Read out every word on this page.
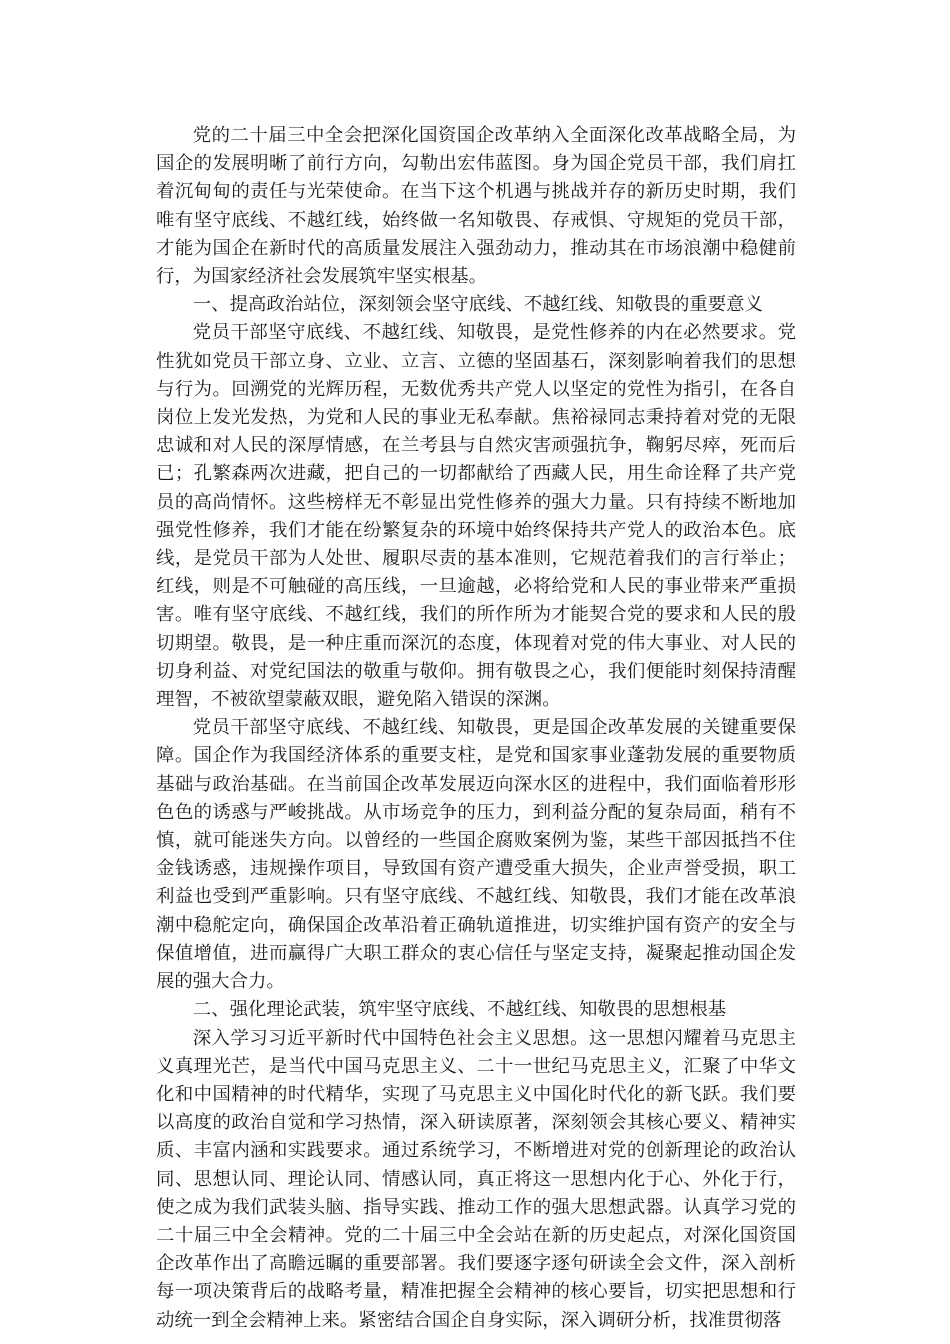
党的二十届三中全会把深化国资国企改革纳入全面深化改革战略全局，为国企的发展明晰了前行方向，勾勒出宏伟蓝图。身为国企党员干部，我们肩扛着沉甸甸的责任与光荣使命。在当下这个机遇与挑战并存的新历史时期，我们唯有坚守底线、不越红线，始终做一名知敬畏、存戒惧、守规矩的党员干部，才能为国企在新时代的高质量发展注入强劲动力，推动其在市场浪潮中稳健前行，为国家经济社会发展筑牢坚实根基。

一、提高政治站位，深刻领会坚守底线、不越红线、知敬畏的重要意义

党员干部坚守底线、不越红线、知敬畏，是党性修养的内在必然要求。党性犹如党员干部立身、立业、立言、立德的坚固基石，深刻影响着我们的思想与行为。回溯党的光辉历程，无数优秀共产党人以坚定的党性为指引，在各自岗位上发光发热，为党和人民的事业无私奉献。焦裕禄同志秉持着对党的无限忠诚和对人民的深厚情感，在兰考县与自然灾害顽强抗争，鞠躬尽瘁，死而后已；孔繁森两次进藏，把自己的一切都献给了西藏人民，用生命诠释了共产党员的高尚情怀。这些榜样无不彰显出党性修养的强大力量。只有持续不断地加强党性修养，我们才能在纷繁复杂的环境中始终保持共产党人的政治本色。底线，是党员干部为人处世、履职尽责的基本准则，它规范着我们的言行举止；红线，则是不可触碰的高压线，一旦逾越，必将给党和人民的事业带来严重损害。唯有坚守底线、不越红线，我们的所作所为才能契合党的要求和人民的殷切期望。敬畏，是一种庄重而深沉的态度，体现着对党的伟大事业、对人民的切身利益、对党纪国法的敬重与敬仰。拥有敬畏之心，我们便能时刻保持清醒理智，不被欲望蒙蔽双眼，避免陷入错误的深渊。

党员干部坚守底线、不越红线、知敬畏，更是国企改革发展的关键重要保障。国企作为我国经济体系的重要支柱，是党和国家事业蓬勃发展的重要物质基础与政治基础。在当前国企改革发展迈向深水区的进程中，我们面临着形形色色的诱惑与严峻挑战。从市场竞争的压力，到利益分配的复杂局面，稍有不慎，就可能迷失方向。以曾经的一些国企腐败案例为鉴，某些干部因抵挡不住金钱诱惑，违规操作项目，导致国有资产遭受重大损失，企业声誉受损，职工利益也受到严重影响。只有坚守底线、不越红线、知敬畏，我们才能在改革浪潮中稳舵定向，确保国企改革沿着正确轨道推进，切实维护国有资产的安全与保值增值，进而赢得广大职工群众的衷心信任与坚定支持，凝聚起推动国企发展的强大合力。

二、强化理论武装，筑牢坚守底线、不越红线、知敬畏的思想根基

深入学习习近平新时代中国特色社会主义思想。这一思想闪耀着马克思主义真理光芒，是当代中国马克思主义、二十一世纪马克思主义，汇聚了中华文化和中国精神的时代精华，实现了马克思主义中国化时代化的新飞跃。我们要以高度的政治自觉和学习热情，深入研读原著，深刻领会其核心要义、精神实质、丰富内涵和实践要求。通过系统学习，不断增进对党的创新理论的政治认同、思想认同、理论认同、情感认同，真正将这一思想内化于心、外化于行，使之成为我们武装头脑、指导实践、推动工作的强大思想武器。认真学习党的二十届三中全会精神。党的二十届三中全会站在新的历史起点，对深化国资国企改革作出了高瞻远瞩的重要部署。我们要逐字逐句研读全会文件，深入剖析每一项决策背后的战略考量，精准把握全会精神的核心要旨，切实把思想和行动统一到全会精神上来。紧密结合国企自身实际，深入调研分析，找准贯彻落
